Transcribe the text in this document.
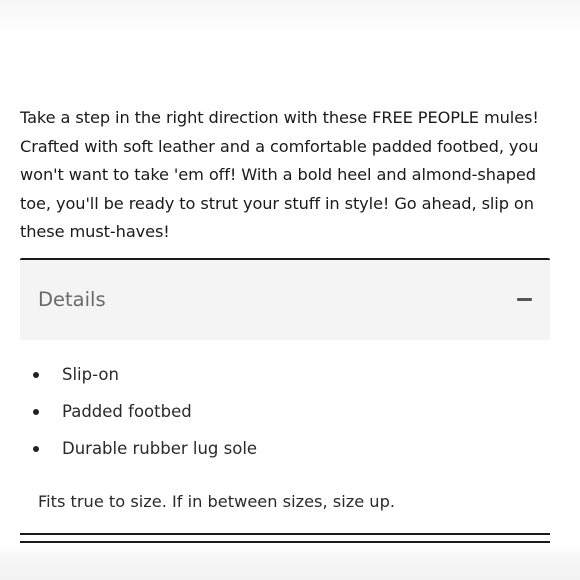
Take a step in the right direction with these FREE PEOPLE mules! Crafted with soft leather and a comfortable padded footbed, you won't want to take 'em off! With a bold heel and almond-shaped toe, you'll be ready to strut your stuff in style! Go ahead, slip on these must-haves!

Details
Slip-on
Padded footbed
Durable rubber lug sole

Fits true to size. If in between sizes, size up.
